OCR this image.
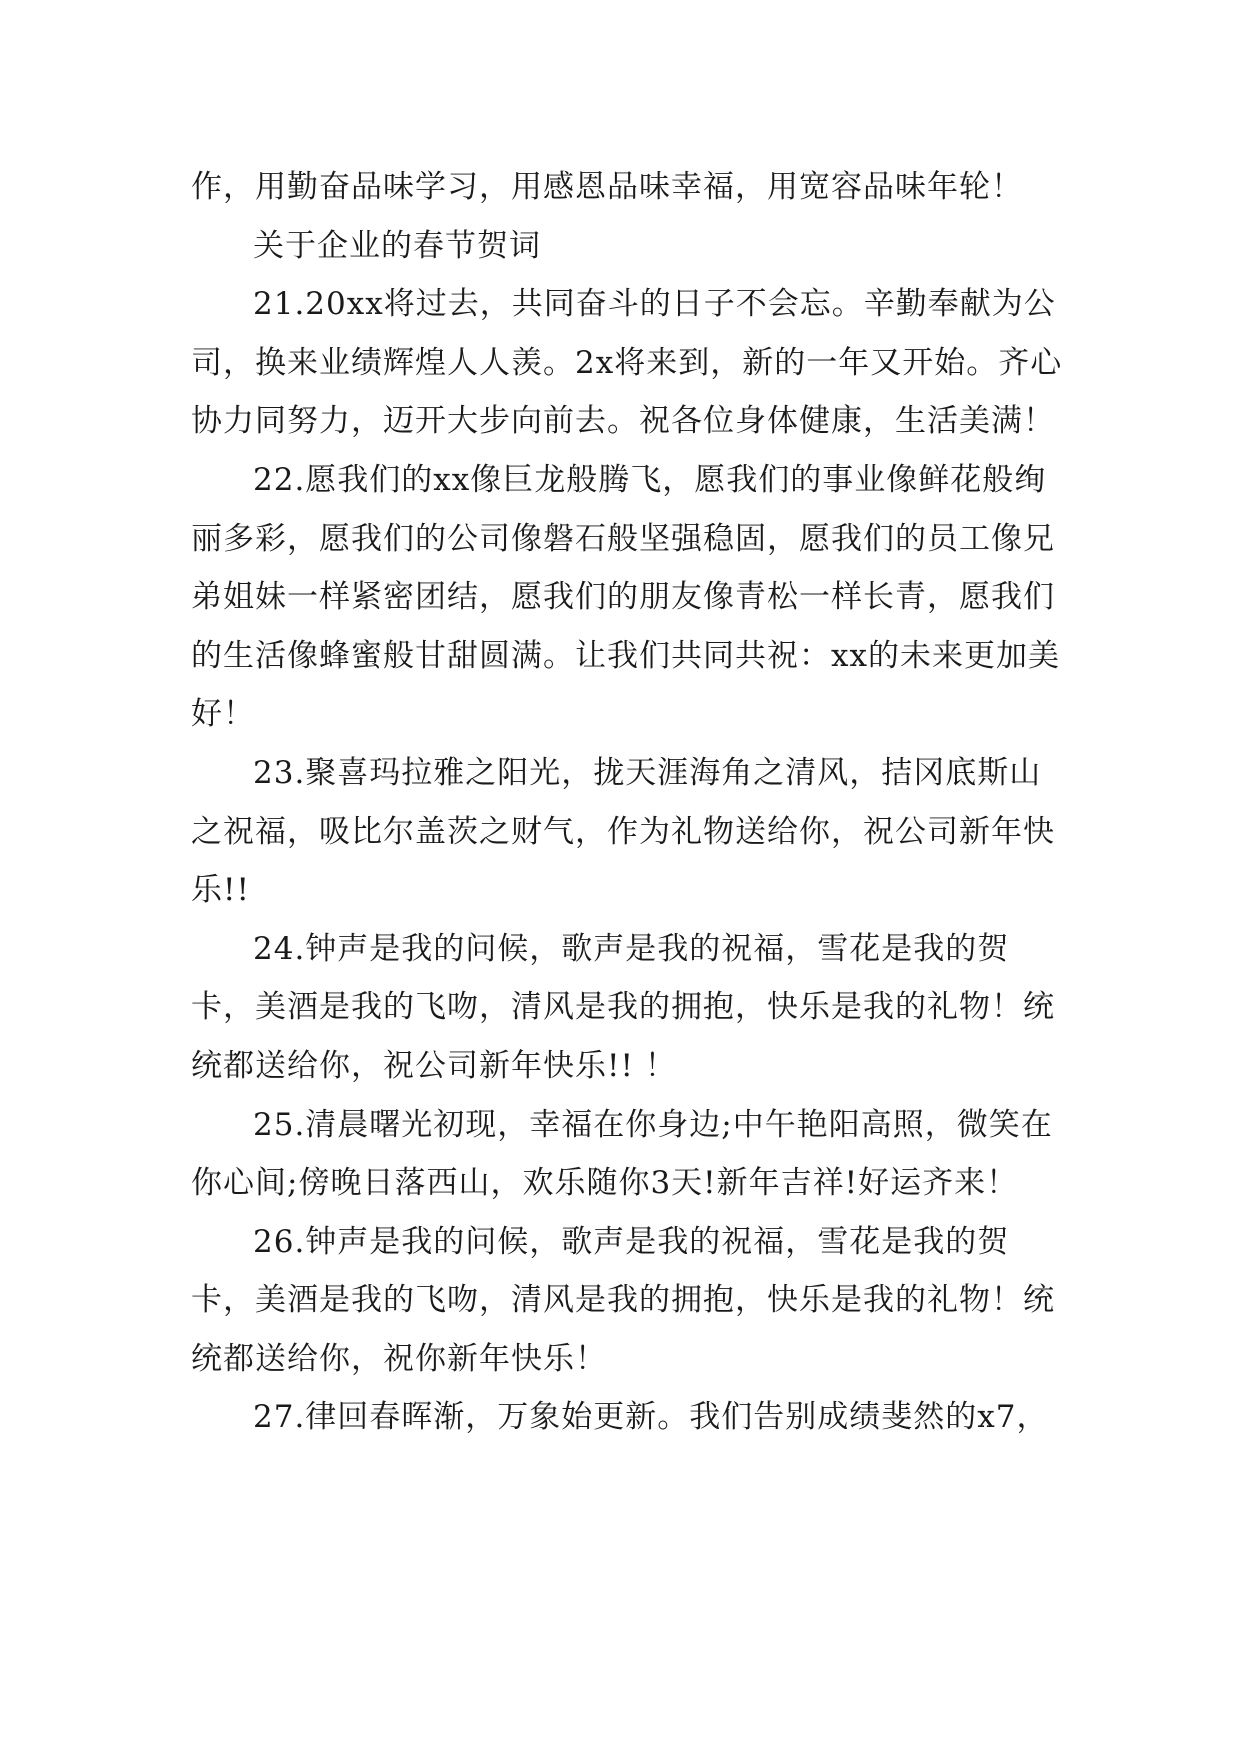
作，用勤奋品味学习，用感恩品味幸福，用宽容品味年轮！

关于企业的春节贺词

21.20xx将过去，共同奋斗的日子不会忘。辛勤奉献为公司，换来业绩辉煌人人羡。2x将来到，新的一年又开始。齐心协力同努力，迈开大步向前去。祝各位身体健康，生活美满！

22.愿我们的xx像巨龙般腾飞，愿我们的事业像鲜花般绚丽多彩，愿我们的公司像磐石般坚强稳固，愿我们的员工像兄弟姐妹一样紧密团结，愿我们的朋友像青松一样长青，愿我们的生活像蜂蜜般甘甜圆满。让我们共同共祝：xx的未来更加美好！

23.聚喜玛拉雅之阳光，拢天涯海角之清风，拮冈底斯山之祝福，吸比尔盖茨之财气，作为礼物送给你，祝公司新年快乐!!

24.钟声是我的问候，歌声是我的祝福，雪花是我的贺卡，美酒是我的飞吻，清风是我的拥抱，快乐是我的礼物！统统都送给你，祝公司新年快乐!! ！

25.清晨曙光初现，幸福在你身边;中午艳阳高照，微笑在你心间;傍晚日落西山，欢乐随你3天!新年吉祥!好运齐来！

26.钟声是我的问候，歌声是我的祝福，雪花是我的贺卡，美酒是我的飞吻，清风是我的拥抱，快乐是我的礼物！统统都送给你，祝你新年快乐！

27.律回春晖渐，万象始更新。我们告别成绩斐然的x7，
